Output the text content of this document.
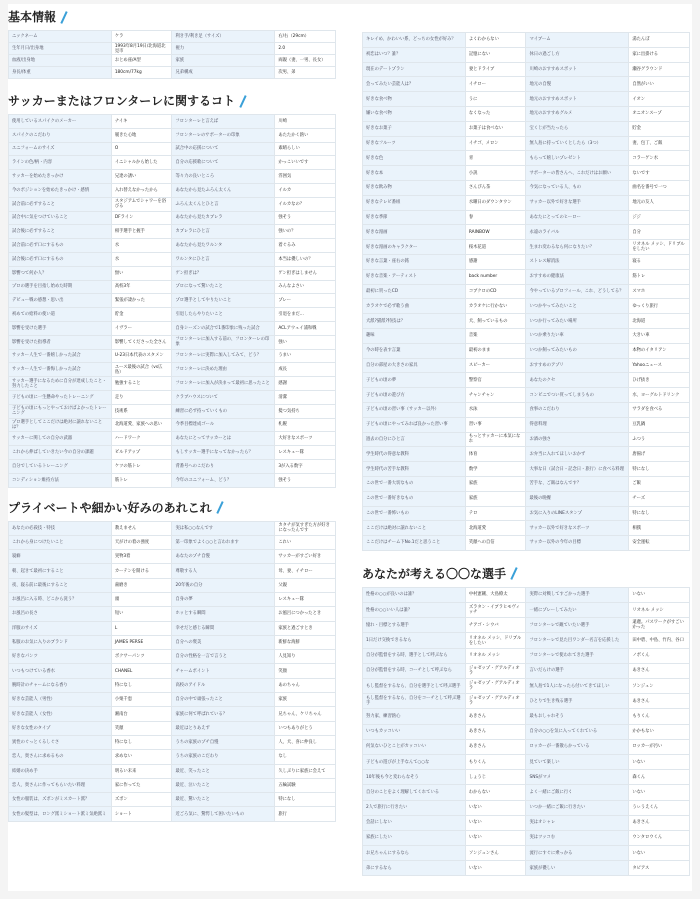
基本情報
ニックネーム	ケラ	利き手/利き足（サイズ）	右/右（29cm）
生年月日/出身地	1993年8月19日/北海道北見市	視力	2.0
血液/出身地	おとめ座/A型	家族	両親（妻、一男、長女）
身長/体重	180cm/77kg	兄弟構成	次男、弟
サッカーまたはフロンターレに関するコト
使用しているスパイクのメーカー	ナイキ	フロンターレと言えば	川崎
スパイクのこだわり	履きた心地	フロンターレのサポーターの印象	あたたかく熱い
ユニフォームのサイズ	O	試合中の応援について	素晴らしい
ラインの色/柄・内容	イニシャルから始した	自分の応援歌について	かっこいいです
サッカーを始めたきっかけ	兄達の誘い	等々力の良いところ	雰囲気
今のポジションを始めたきっかけ・感情	入れ替えなかったから	あなたから見たふろん太くん	イルカ
試合前に必ずすること	スタジアムでシャワーを浴びる	ふろん太くんとひと言	イルカなの？
試合中に気をつけていること	DFライン	あなたから見たカブレラ	強そう
試合後に必ずすること	相手選手と握手	カブレラにひと言	強いの？
試合前に必ず口にするもの	水	あなたから見たワルンタ	着ぐるみ
試合後に必ず口にするもの	水	ワルンタにひと言	本当は優しいの？
影響つて何か人？	無い	ゲン担ぎは？	ゲン担ぎはしません
プロの選手を目指し始めた時期	高校3年	プロになって驚いたこと	みんなよさい
デビュー戦の感想・思い出	緊張が凄かった	プロ選手としてやりたいこと	プレー
初めての給料の使い道	貯金	引退したらやりたいこと	引退をまだ...
影響を受けた選手	イヴラー	自身シーズンの試合で1番印象に残った試合	ACLアウェイ浦和戦
影響を受けた指導者	影響してくださった全さん	フロンターレに加入する前の、フロンターレの印象	強い
サッカー人生で一番嬉しかった試合	U-23日本代表のスタメン	フロンターレに実際に加入してみて、どう？	うまい
サッカー人生で一番悔しかった試合	ユース最後の試合（vs広島）	フロンターレに決めた理由	成長
サッカー選手になるために自分が達成したこと・努力したこと	勉強すること	フロンターレに加入が決まって最初に思ったこと	感謝
子どもの頃に一生懸命やったトレーニング	走り	クラブハウスについて	清潔
子どもの頃にもっとやっておけばよかったトレーニング	技術系	練習に必ず持っていくもの	髪つ気持ち
プロ選手としてここだけは絶対に譲れないことは？	北海道愛、家族への思い	今季目標達成ゴール	札幌
サッカーに関しての自分の武器	ハードワーク	あなたにとってサッカーとは	大好きなスポーツ
これから伸ばしていきたい今の自分の課題	ビルドアップ	もしサッカー選手になってなかったら？	レスキュー隊
自分でしているトレーニング	ケツの筋トレ	背番号へのこだわり	3が入る数字
コンディション維持方法	筋トレ	今年のユニフォーム、どう？	強そう
プライベートや細かい好みのあれこれ
あなたの必殺技・特技	教えません	実は私○○なんです	カタチが気すぎた方が好きになったんです
これから身につけたいこと	天がけの着の強度	第一印象でよく○○と言われます	これい
寝癖	実物3着	あなたのプチ自慢	サッカーがすごい好き
朝、起きて最初にすること	カーテンを開ける	尊敬する人	母、妻、イチロー
夜、寝る前に最後にすること	歯磨き	20年後の自分	父親
お風呂に入る時、どこから洗う？	頭	自身の夢	レスキュー隊
お風呂の長さ	短い	ホッとする瞬間	お風呂につかったとき
洋服のサイズ	L	幸せだと感じる瞬間	家族と過ごすとき
私服のお気に入りのブランド	JAMES PERSE	自分への褒美	新鮮な海鮮
好きなパンツ	ボクサーパンツ	自分の性格を一言で言うと	人見知り
いつもつけている香水	CHANEL	チャームポイント	笑顔
腕時計のチャームになる香り	特になし	高校のアイドル	あのちゃん
好きな芸能人（男性）	小栗千恵	自分の中で頑張ったこと	家族
好きな芸能人（女性）	湘南台	家族に何て呼ばれている？	兄ちゃん、ケリちゃん
好きな女性のタイプ	笑顔	最近はとりあえず	いつもありがとう
異性のぐっとくるしぐさ	特になし	うちの家族のプチ自慢	人、犬、喜に仲良し
恋人、奥さんに求めるもの	求めない	うちの家族のこだわり	なし
結婚の決め手	明るい未来	最近、笑ったこと	久しぶりに家族に会えて
恋人、奥さんに作ってもらいたい料理	家に作ってた	最近、泣いたこと	五輪試験
女性の服装は、ズボンがミスカート派？	ズボン	最近、驚いたこと	特になし
女性の髪型は、ロング派ミショート派ミ気絶派ミ	ショート	近ごろ気に、驚愕して困いたいもの	旅行
キレイめ、かわいい系、どっちの女性が好み？	よくわからない	マイブーム	湯たんぽ
初恋はいつ？誰？	記憶にない	休日の過ごし方	家に出掛ける
現在のデートプラン	妻とドライブ	川崎のおすすめスポット	瀬谷グラウンド
会ってみたい芸能人は？	イチロー	地元の自慢	自然がいい
好きな食べ物	うに	地元のおすすめスポット	イオン
嫌いな食べ物	なくなった	地元のおすすめグルメ	オニオンスープ
好きなお菓子	お菓子は食べない	宝くじが当たったら	貯金
好きなフルーツ	イチゴ、メロン	無人島に持っていくとしたら（3つ）	妻、包丁、ご飯
好きな色	青	もらって嬉しいプレゼント	コラーゲン水
好きな本	小説	サポーターの皆さんへ、これだけはお願い	ないです
好きな飲み物	さんぴん茶	今気になっている人、もの	曲名を番号で一つ
好きなテレビ番組	水曜日のダウンタウン	サッカー以外で好きな選手	地元の友人
好きな季節	春	あなたにとってのヒーロー	ジジ
好きな漫画	RAINBOW	永遠のライバル	自分
好きな漫画のキャラクター	桜木花道	生まれ変わるなら何になりたい？	リオネル メッシ、ドリブルをしたい
好きな言葉・座右の銘	感謝	ストレス解消法	寝る
好きな音楽・アーティスト	back number	おすすめの健康法	筋トレ
最初に買ったCD	コブクロのCD	今やっているプロフィール、これ、どうしてる？	スマホ
カラオケで必ず歌う曲	カラオケに行かない	いつかやってみたいこと	ゆっくり旅行
犬派?猫派?特技は？	犬、飼っているもの	いつか行ってみたい場所	北海道
趣味	音楽	いつか乗りたい車	大きい車
今の時を表す言葉	最初のまま	いつか飼ってみたいもの	本物のイタリアン
自分の部屋の大きさの家具	スピーカー	おすすめのアプリ	Yahooニュース
子どもの頃の夢	警察官	あなたのクセ	ひげ抜き
子どもの頃の遊び方	チャンチャン	コンビニでつい買ってしまうもの	水、ヨーグルトドリンク
子どもの頃の習い事（サッカー以外）	水泳	食事のこだわり	サラダを食べる
子どもの頃にやってみれば良かった習い事	習い事	得意料理	豆乳鍋
過去の自分にひと言	もっとサッカーに本気になれ	お酒の強さ	ふつう
学生時代の得意な教科	体育	お弁当に入れてほしいおかず	唐揚げ
学生時代の苦手な教科	数学	大事な日（試合日・記念日・旅行）に食べる料理	特になし
この世で一番大切なもの	家族	苦手な、ご飯はなんです？	ご飯
この世で一番好きなもの	家族	最後の晩餐	チーズ
この世で一番怖いもの	テロ	お気に入りのLINEスタンプ	特になし
ここだけは絶対に譲れないこと	北海道愛	サッカー以外で好きなスポーツ	相撲
ここだけはチーム下No.1だと思うこと	笑顔への自信	サッカー以外の今年の目標	安全運転
あなたが考える〇〇な選手
性格の○○が良いのは誰？	中村憲剛、大島僚太	実際に対戦してすごかった選手	いない
性格の○○いい人は誰？	ズラタン・イブラヒモヴィッチ	一緒にプレーしてみたい	リオネル メッシ
憧れ・目標とする選手	チアゴ・シウバ	フロンターレで観ていたい選手	遠慮。パスワークがすごいかった
1日だけ交換できるなら	リオネル メッシ、ドリブルをしたい	フロンターレで見た目ワンダー名言を応援した	田中碧、中島、竹内、谷口
自分が監督をする時、選手として呼ぶなら	リオネル メッシ	フロンターレで使われてきた選手	ノボくん
自分が監督をする時、コーチとして呼ぶなら	ジョゼップ・グアルディオラ	言いだらけの選手	あきさん
もし監督をするなら、自分を選手として呼ぶ選手	ジョゼップ・グアルディオラ	無人島で1人になったら付いてきてほしい	ソンジュン
もし監督をするなら、自分をコーチとして呼ぶ選手	ジョゼップ・グアルディオラ	ひとりで生き残る選手	あきさん
努力家、練習熱心	あきさん	最もおしゃれそう	もりくん
いつもカッコいい	あきさん	自分の○○を気に入ってくれている	かかもない
何気ないひとことがカッコいい	あきさん	ロッカーが一番散らかっている	ロッカーが汚い
子どもの遊びが上手なんて○○な	もりくん	見ていて楽しい	いない
10年後も今と変わらなそう	しょうじ	SNSがマメ	森くん
自分のことをよく理解してくれている	わからない	よく一緒にご飯に行く	いない
2人で旅行に行きたい	いない	いつか一緒にご飯に行きたい	うぃうえくん
会話にしない	いない	実はオシャレ	あきさん
家族にしたい	いない	実はツッコむ	ウンタロウくん
お兄ちゃんにするなら	ソンジュンさん	流行にすぐに乗っかる	いない
弟にするなら	いない	家族が優しい	タピアス
